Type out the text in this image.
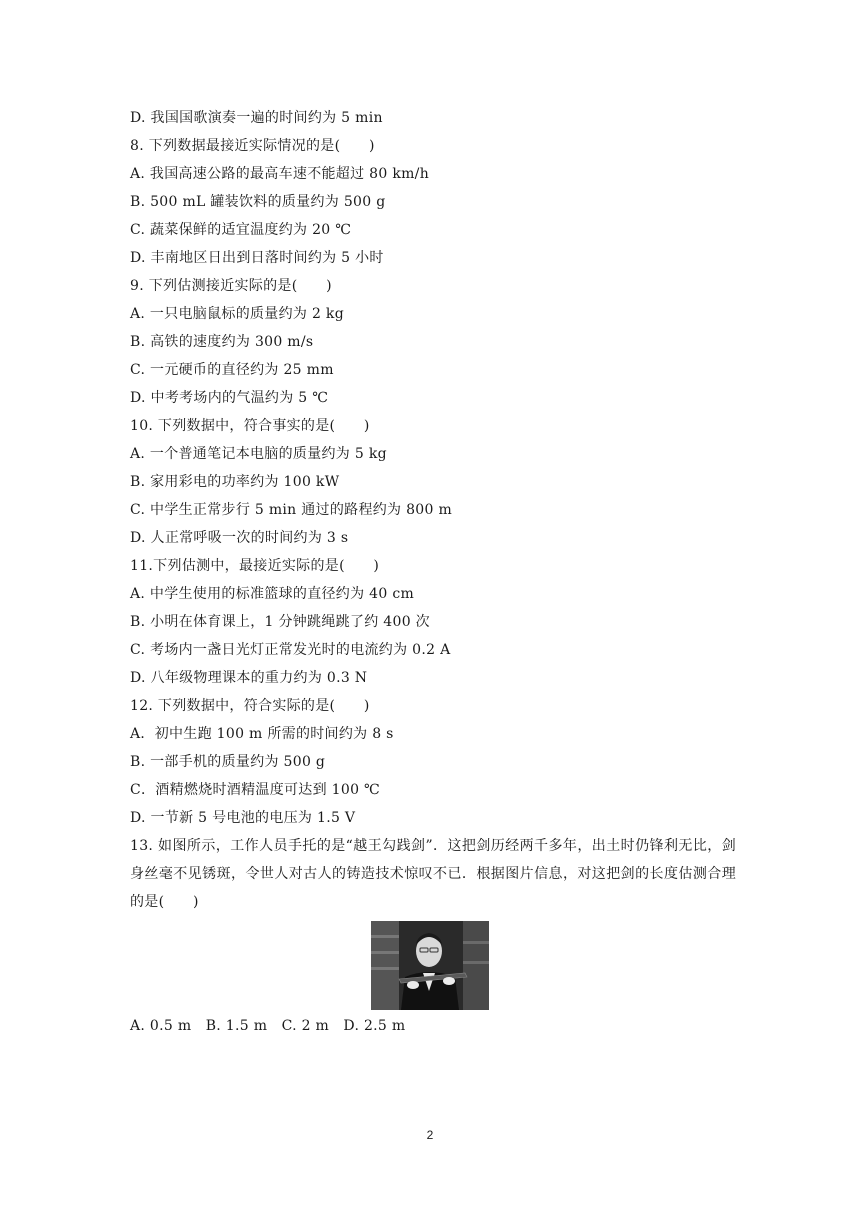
D. 我国国歌演奏一遍的时间约为 5 min
8. 下列数据最接近实际情况的是(　　)
A. 我国高速公路的最高车速不能超过 80 km/h
B. 500 mL 罐装饮料的质量约为 500 g
C. 蔬菜保鲜的适宜温度约为 20 ℃
D. 丰南地区日出到日落时间约为 5 小时
9. 下列估测接近实际的是(　　)
A. 一只电脑鼠标的质量约为 2 kg
B. 高铁的速度约为 300 m/s
C. 一元硬币的直径约为 25 mm
D. 中考考场内的气温约为 5 ℃
10. 下列数据中，符合事实的是(　　)
A. 一个普通笔记本电脑的质量约为 5 kg
B. 家用彩电的功率约为 100 kW
C. 中学生正常步行 5 min 通过的路程约为 800 m
D. 人正常呼吸一次的时间约为 3 s
11.下列估测中，最接近实际的是(　　)
A. 中学生使用的标准篮球的直径约为 40 cm
B. 小明在体育课上，1 分钟跳绳跳了约 400 次
C. 考场内一盏日光灯正常发光时的电流约为 0.2 A
D. 八年级物理课本的重力约为 0.3 N
12. 下列数据中，符合实际的是(　　)
A．初中生跑 100 m 所需的时间约为 8 s
B. 一部手机的质量约为 500 g
C．酒精燃烧时酒精温度可达到 100 ℃
D. 一节新 5 号电池的电压为 1.5 V
13. 如图所示，工作人员手托的是“越王勾践剑”．这把剑历经两千多年，出土时仍锋利无比，剑身丝毫不见锈斑，令世人对古人的铸造技术惊叹不已．根据图片信息，对这把剑的长度估测合理的是(　　)
A. 0.5 m　B. 1.5 m　C. 2 m　D. 2.5 m
2
